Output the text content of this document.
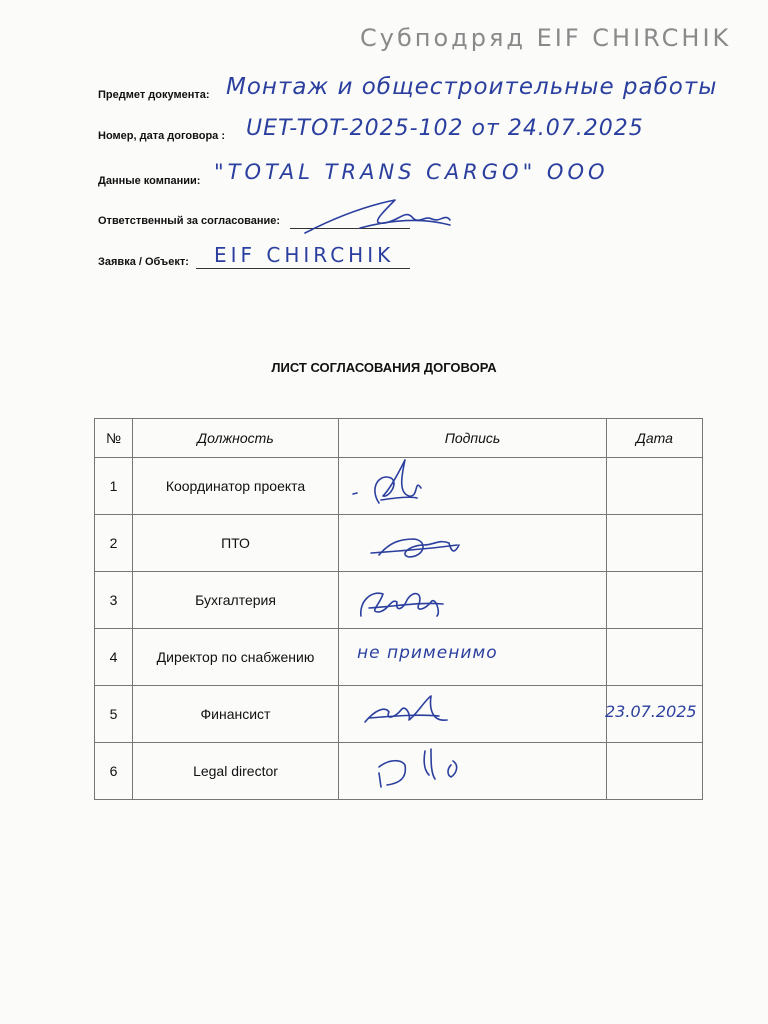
Субподряд EIF CHIRCHIK
Предмет документа: Монтаж и общестроительные работы
Номер, дата договора : UET-TOT-2025-102 от 24.07.2025
Данные компании: "TOTAL TRANS CARGO" ООО
Ответственный за согласование:
Заявка / Объект: EIF CHIRCHIK
ЛИСТ СОГЛАСОВАНИЯ ДОГОВОРА
№	Должность	Подпись	Дата
1	Координатор проекта	

2	ПТО	

3	Бухгалтерия	

4	Директор по снабжению	не применимо	

5	Финансист		23.07.2025

6	Legal director	
